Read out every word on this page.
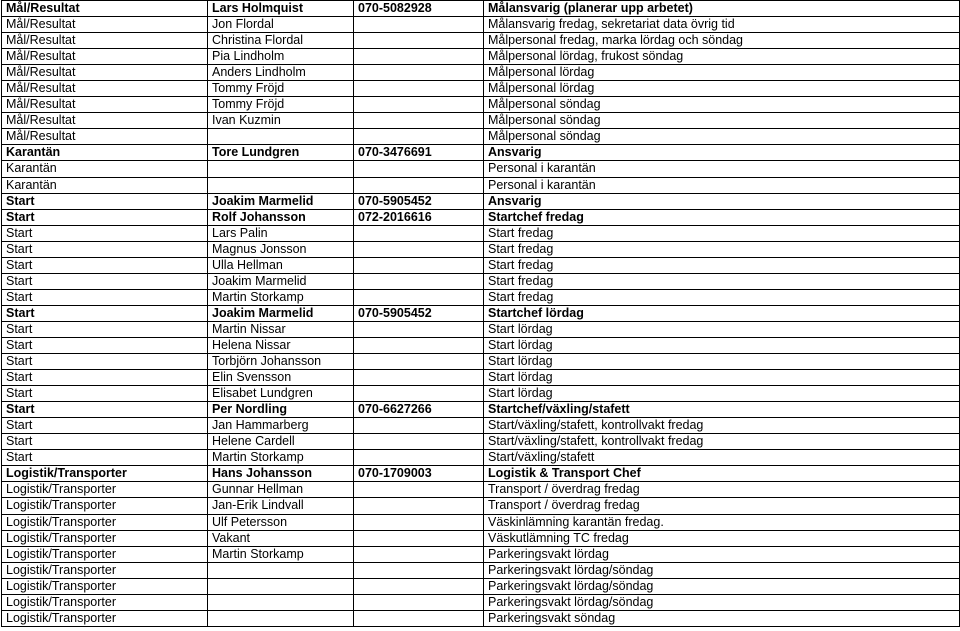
Mål/Resultat	Lars Holmquist	070-5082928	Målansvarig (planerar upp arbetet)
Mål/Resultat	Jon Flordal		Målansvarig fredag, sekretariat data övrig tid
Mål/Resultat	Christina Flordal		Målpersonal fredag, marka lördag och söndag
Mål/Resultat	Pia Lindholm		Målpersonal lördag, frukost söndag
Mål/Resultat	Anders Lindholm		Målpersonal lördag
Mål/Resultat	Tommy Fröjd		Målpersonal lördag
Mål/Resultat	Tommy Fröjd		Målpersonal söndag
Mål/Resultat	Ivan Kuzmin		Målpersonal söndag
Mål/Resultat			Målpersonal söndag
Karantän	Tore Lundgren	070-3476691	Ansvarig
Karantän			Personal i karantän
Karantän			Personal i karantän
Start	Joakim Marmelid	070-5905452	Ansvarig
Start	Rolf Johansson	072-2016616	Startchef fredag
Start	Lars Palin		Start fredag
Start	Magnus Jonsson		Start fredag
Start	Ulla Hellman		Start fredag
Start	Joakim Marmelid		Start fredag
Start	Martin Storkamp		Start fredag
Start	Joakim Marmelid	070-5905452	Startchef lördag
Start	Martin Nissar		Start lördag
Start	Helena Nissar		Start lördag
Start	Torbjörn Johansson		Start lördag
Start	Elin Svensson		Start lördag
Start	Elisabet Lundgren		Start lördag
Start	Per Nordling	070-6627266	Startchef/växling/stafett
Start	Jan Hammarberg		Start/växling/stafett, kontrollvakt fredag
Start	Helene Cardell		Start/växling/stafett, kontrollvakt fredag
Start	Martin Storkamp		Start/växling/stafett
Logistik/Transporter	Hans Johansson	070-1709003	Logistik & Transport Chef
Logistik/Transporter	Gunnar Hellman		Transport / överdrag fredag
Logistik/Transporter	Jan-Erik Lindvall		Transport / överdrag fredag
Logistik/Transporter	Ulf Petersson		Väskinlämning karantän fredag.
Logistik/Transporter	Vakant		Väskutlämning TC fredag
Logistik/Transporter	Martin Storkamp		Parkeringsvakt lördag
Logistik/Transporter			Parkeringsvakt lördag/söndag
Logistik/Transporter			Parkeringsvakt lördag/söndag
Logistik/Transporter			Parkeringsvakt lördag/söndag
Logistik/Transporter			Parkeringsvakt söndag
